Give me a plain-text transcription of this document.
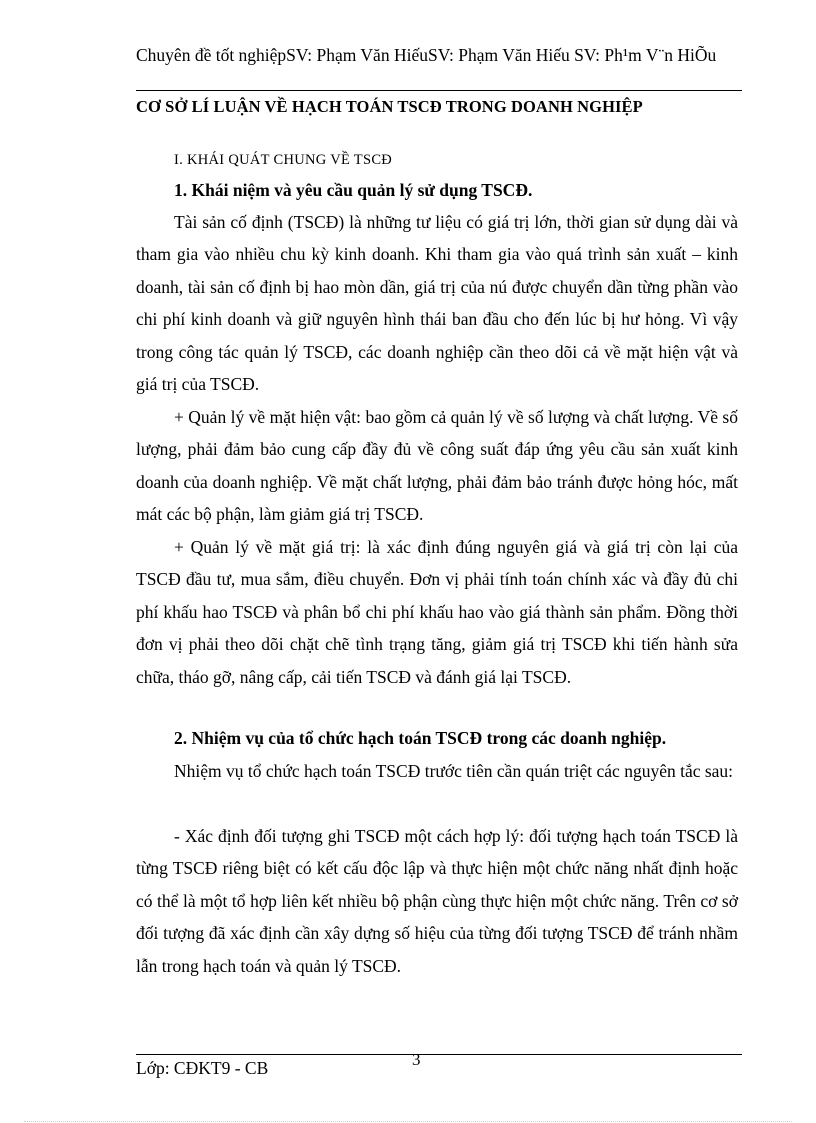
Chuyên đề tốt nghiệpSV: Phạm Văn HiếuSV: Phạm Văn Hiếu SV: Ph¹m V¨n HiÕu
CƠ SỞ LÍ LUẬN VỀ HẠCH TOÁN TSCĐ TRONG DOANH NGHIỆP
I. KHÁI QUÁT CHUNG VỀ TSCĐ
1. Khái niệm và yêu cầu quản lý sử dụng TSCĐ.
Tài sản cố định (TSCĐ) là những tư liệu có giá trị lớn, thời gian sử dụng dài và tham gia vào nhiều chu kỳ kinh doanh. Khi tham gia vào quá trình sản xuất – kinh doanh, tài sản cố định bị hao mòn dần, giá trị của nú được chuyển dần từng phần vào chi phí kinh doanh và giữ nguyên hình thái ban đầu cho đến lúc bị hư hỏng. Vì vậy trong công tác quản lý TSCĐ, các doanh nghiệp cần theo dõi cả về mặt hiện vật và giá trị của TSCĐ.
+ Quản lý về mặt hiện vật: bao gồm cả quản lý về số lượng và chất lượng. Về số lượng, phải đảm bảo cung cấp đầy đủ về công suất đáp ứng yêu cầu sản xuất kinh doanh của doanh nghiệp. Về mặt chất lượng, phải đảm bảo tránh được hỏng hóc, mất mát các bộ phận, làm giảm giá trị TSCĐ.
+ Quản lý về mặt giá trị: là xác định đúng nguyên giá và giá trị còn lại của TSCĐ đầu tư, mua sắm, điều chuyển. Đơn vị phải tính toán chính xác và đầy đủ chi phí khấu hao TSCĐ và phân bổ chi phí khấu hao vào giá thành sản phẩm. Đồng thời đơn vị phải theo dõi chặt chẽ tình trạng tăng, giảm giá trị TSCĐ khi tiến hành sửa chữa, tháo gỡ, nâng cấp, cải tiến TSCĐ và đánh giá lại TSCĐ.
2. Nhiệm vụ của tổ chức hạch toán TSCĐ trong các doanh nghiệp.
Nhiệm vụ tổ chức hạch toán TSCĐ trước tiên cần quán triệt các nguyên tắc sau:
- Xác định đối tượng ghi TSCĐ một cách hợp lý: đối tượng hạch toán TSCĐ là từng TSCĐ riêng biệt có kết cấu độc lập và thực hiện một chức năng nhất định hoặc có thể là một tổ hợp liên kết nhiều bộ phận cùng thực hiện một chức năng. Trên cơ sở đối tượng đã xác định cần xây dựng số hiệu của từng đối tượng TSCĐ để tránh nhầm lẫn trong hạch toán và quản lý TSCĐ.
3
Lớp: CĐKT9 - CB
